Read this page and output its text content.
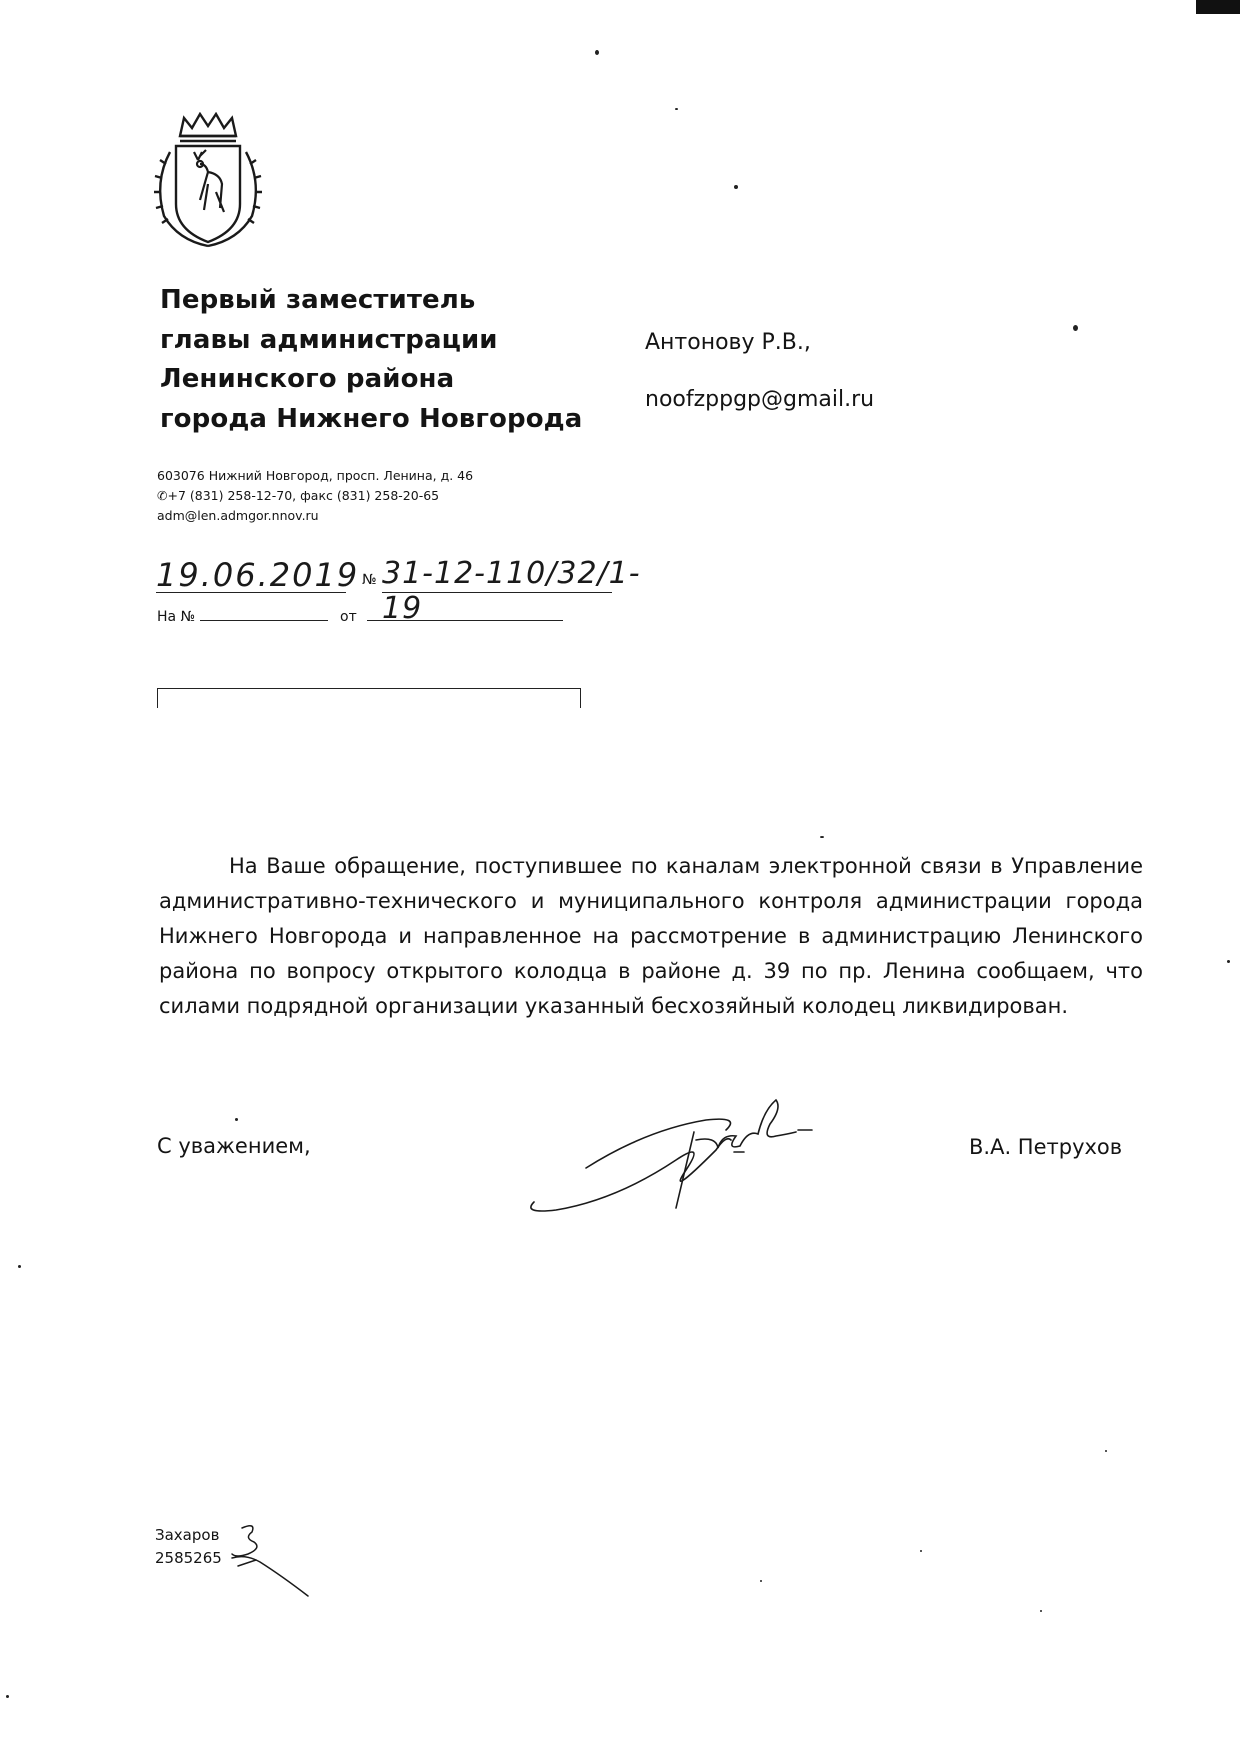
Первый заместитель
главы администрации
Ленинского района
города Нижнего Новгорода
603076 Нижний Новгород, просп. Ленина, д. 46
✆+7 (831) 258-12-70, факс (831) 258-20-65
adm@len.admgor.nnov.ru
Антонову Р.В.,
noofzppgp@gmail.ru
19.06.2019 № 31-12-110/32/1-19
На №	от
На Ваше обращение, поступившее по каналам электронной связи в Управление административно-технического и муниципального контроля администрации города Нижнего Новгорода и направленное на рассмотрение в администрацию Ленинского района по вопросу открытого колодца в районе д. 39 по пр. Ленина сообщаем, что силами подрядной организации указанный бесхозяйный колодец ликвидирован.
С уважением,	В.А. Петрухов
Захаров
2585265
